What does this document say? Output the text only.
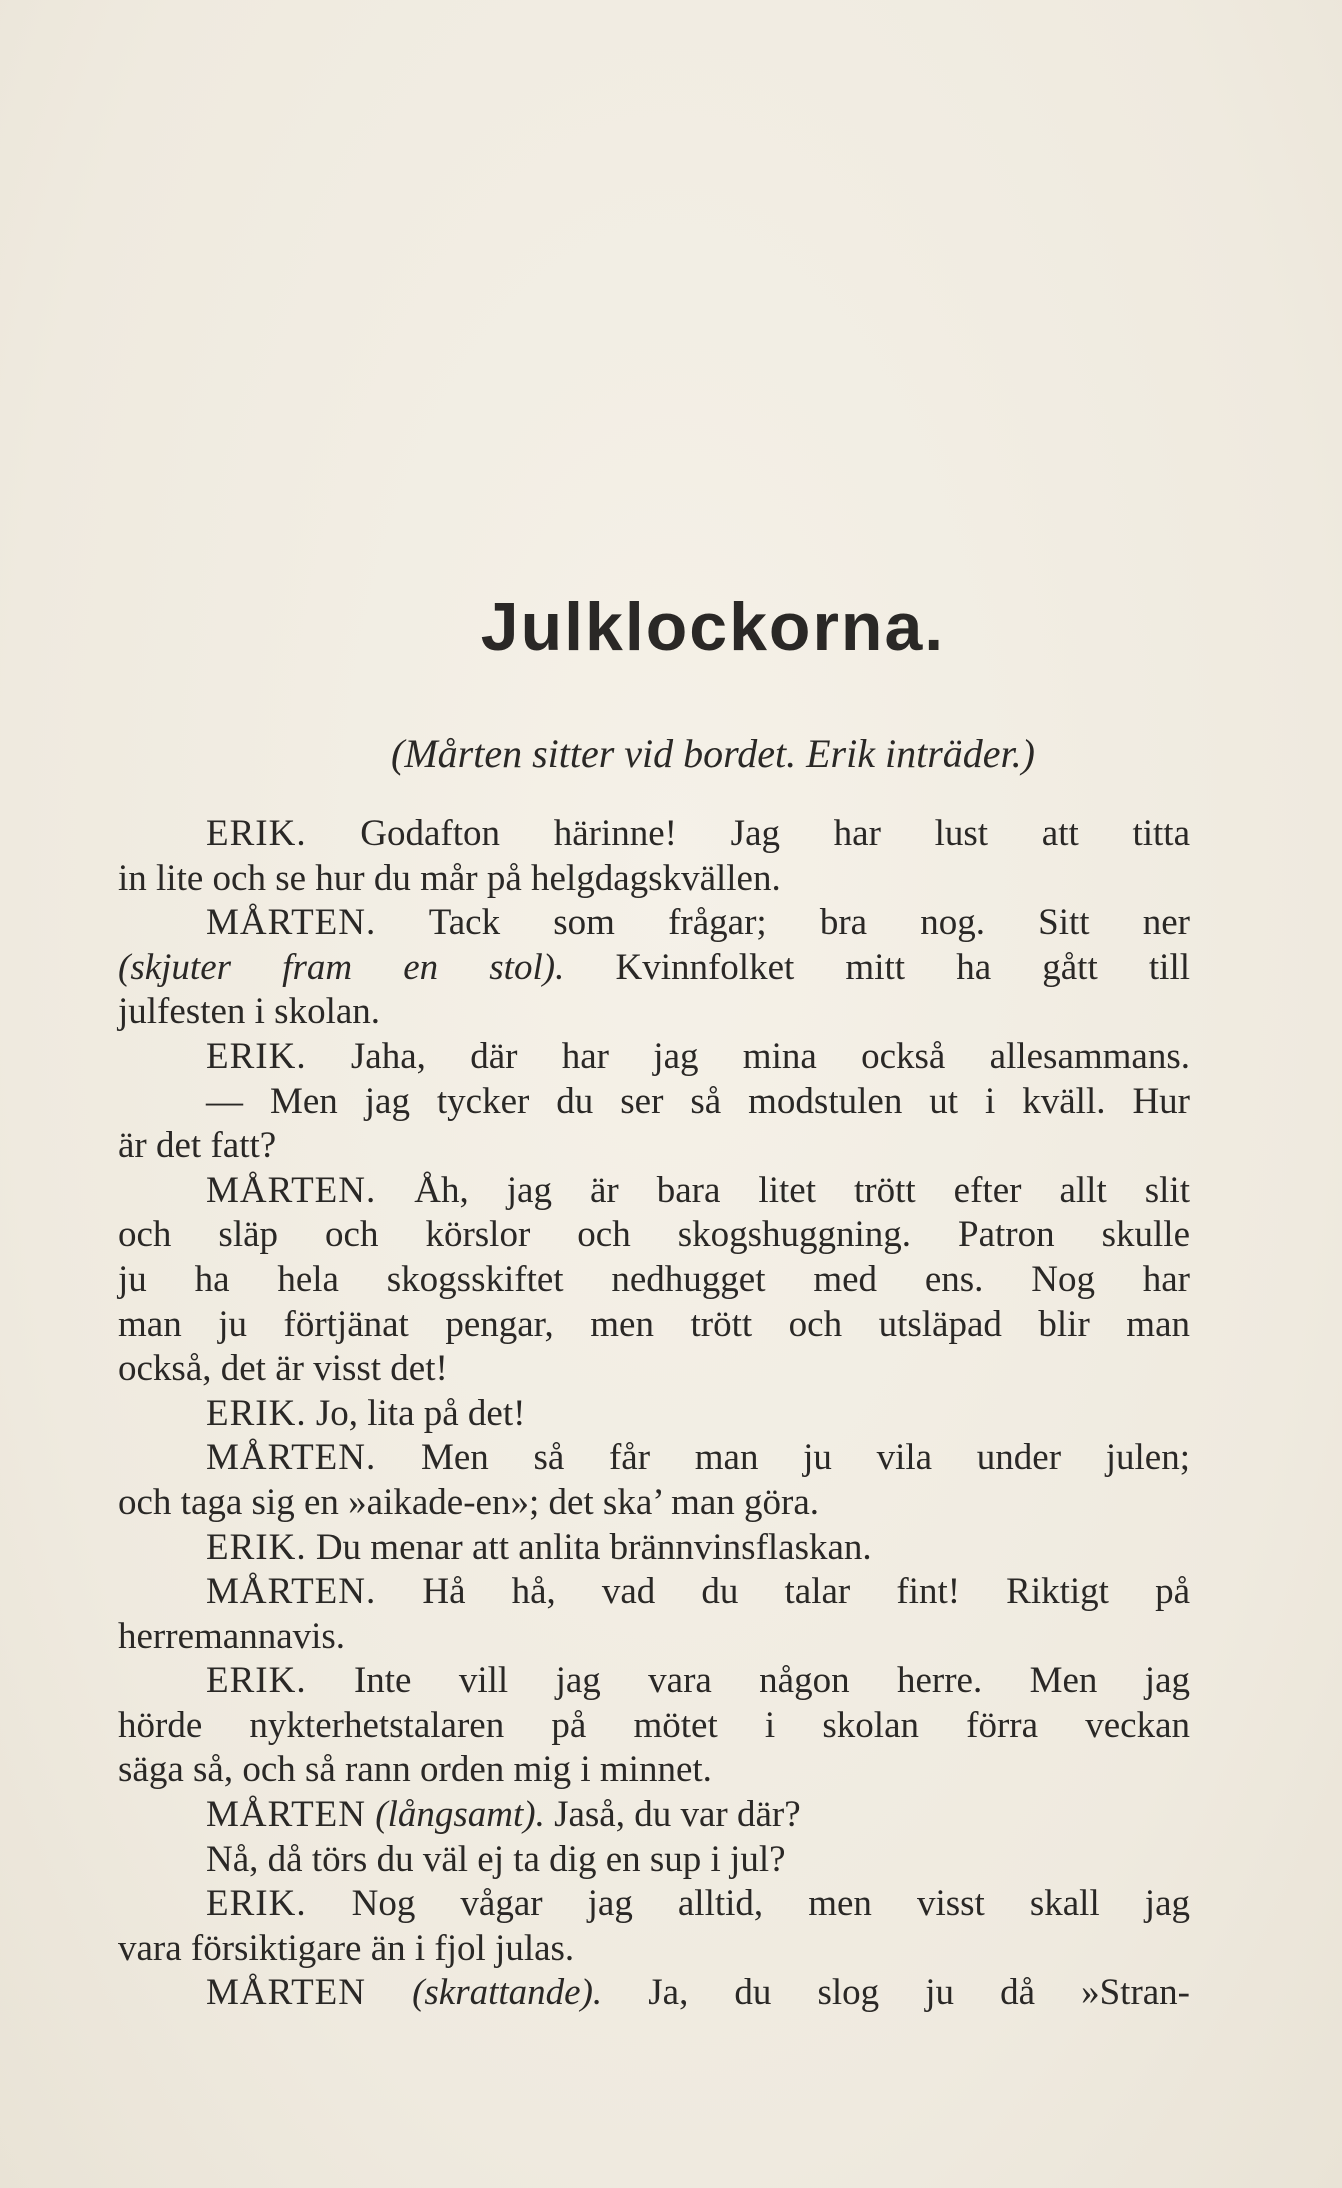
Julklockorna.
(Mårten sitter vid bordet. Erik inträder.)
ERIK. Godafton härinne! Jag har lust att titta
in lite och se hur du mår på helgdagskvällen.
MÅRTEN. Tack som frågar; bra nog. Sitt ner
(skjuter fram en stol). Kvinnfolket mitt ha gått till
julfesten i skolan.
ERIK. Jaha, där har jag mina också allesammans.
— Men jag tycker du ser så modstulen ut i kväll. Hur
är det fatt?
MÅRTEN. Åh, jag är bara litet trött efter allt slit
och släp och körslor och skogshuggning. Patron skulle
ju ha hela skogsskiftet nedhugget med ens. Nog har
man ju förtjänat pengar, men trött och utsläpad blir man
också, det är visst det!
ERIK. Jo, lita på det!
MÅRTEN. Men så får man ju vila under julen;
och taga sig en »aikade-en»; det ska’ man göra.
ERIK. Du menar att anlita brännvinsflaskan.
MÅRTEN. Hå hå, vad du talar fint! Riktigt på
herremannavis.
ERIK. Inte vill jag vara någon herre. Men jag
hörde nykterhetstalaren på mötet i skolan förra veckan
säga så, och så rann orden mig i minnet.
MÅRTEN (långsamt). Jaså, du var där?
Nå, då törs du väl ej ta dig en sup i jul?
ERIK. Nog vågar jag alltid, men visst skall jag
vara försiktigare än i fjol julas.
MÅRTEN (skrattande). Ja, du slog ju då »Stran-
